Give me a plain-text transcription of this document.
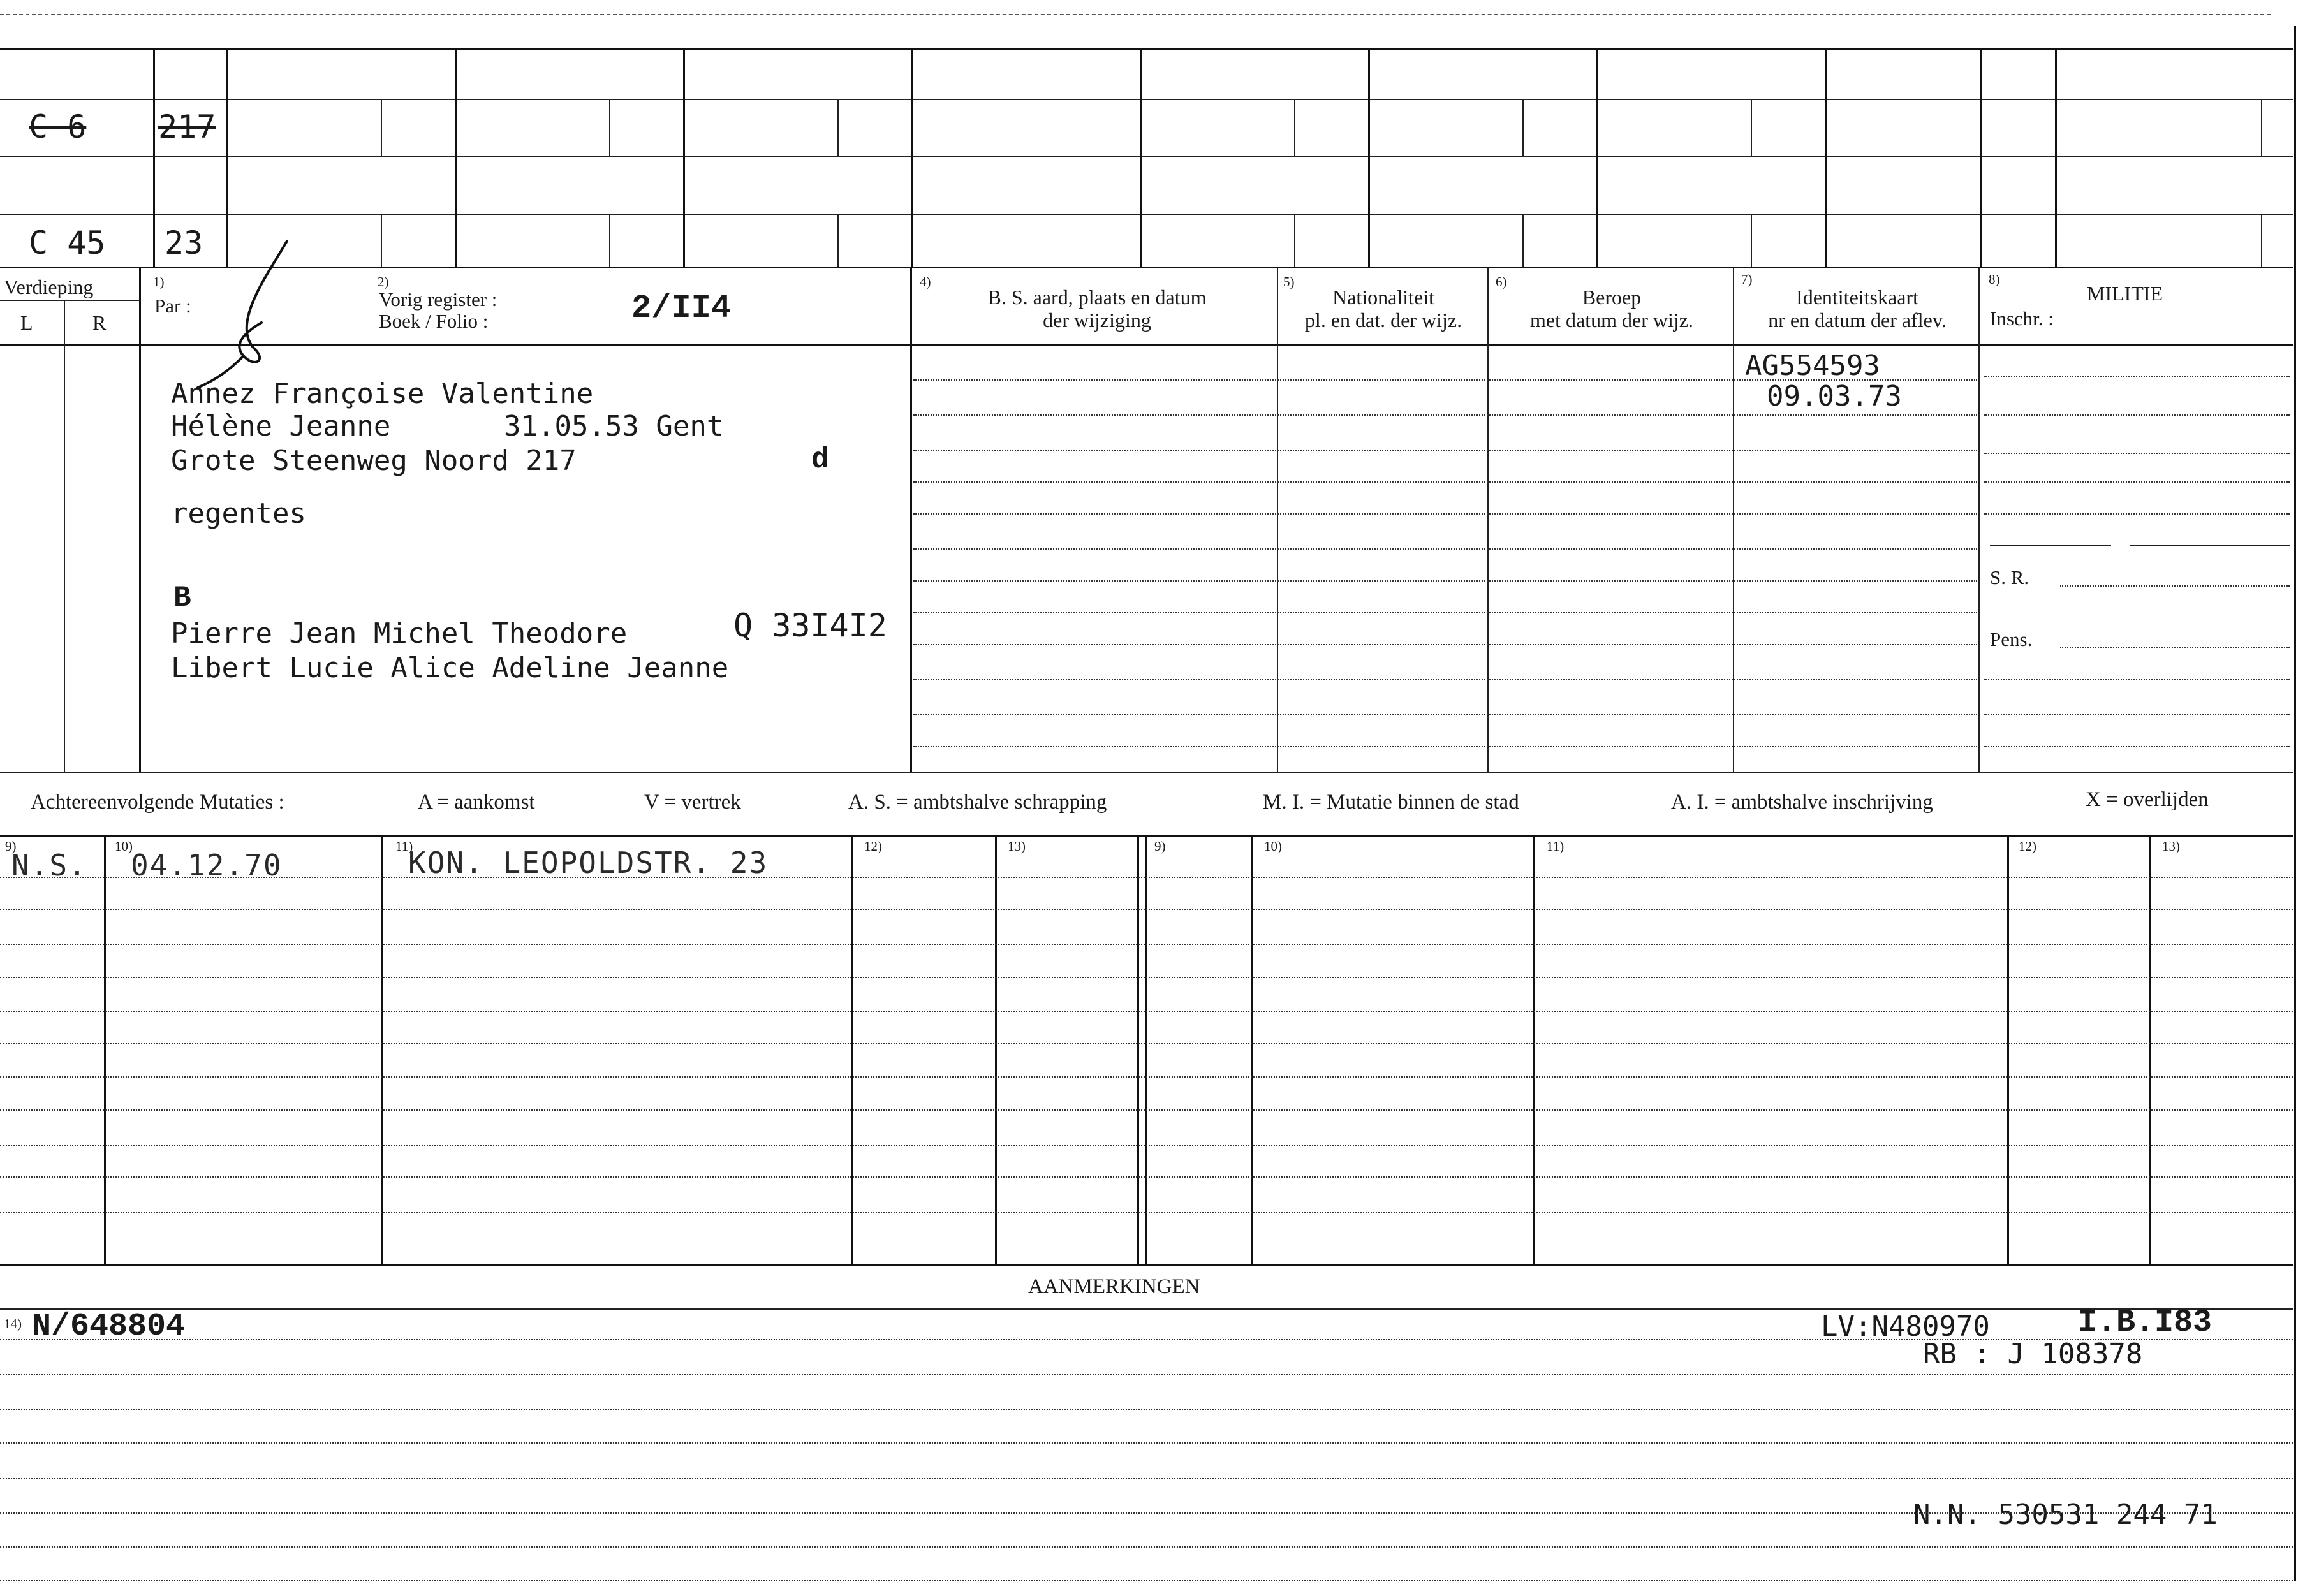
C 6 217
C 45 23
Verdieping
L	R
1)
Par :
2)
Vorig register :
Boek / Folio :	2/II4
4)
B. S. aard, plaats en datum
der wijziging
5)
Nationaliteit
pl. en dat. der wijz.
6)
Beroep
met datum der wijz.
7)
Identiteitskaart
nr en datum der aflev.
8)
MILITIE
Inschr. :
S. R.
Pens.
Annez Françoise Valentine
Hélène Jeanne	31.05.53 Gent
Grote Steenweg Noord 217	d
regentes
B
Pierre Jean Michel Theodore
Libert Lucie Alice Adeline Jeanne
Q 33I4I2
AG554593
09.03.73
Achtereenvolgende Mutaties :	A = aankomst	V = vertrek	A. S. = ambtshalve schrapping	M. I. = Mutatie binnen de stad	A. I. = ambtshalve inschrijving	X = overlijden
9)	10)	11)	12)	13)	9)	10)	11)	12)	13)
N.S. 04.12.70	KON. LEOPOLDSTR. 23
AANMERKINGEN
14) N/648804	LV:N480970	I.B.I83
RB : J 108378
N.N. 530531 244 71
